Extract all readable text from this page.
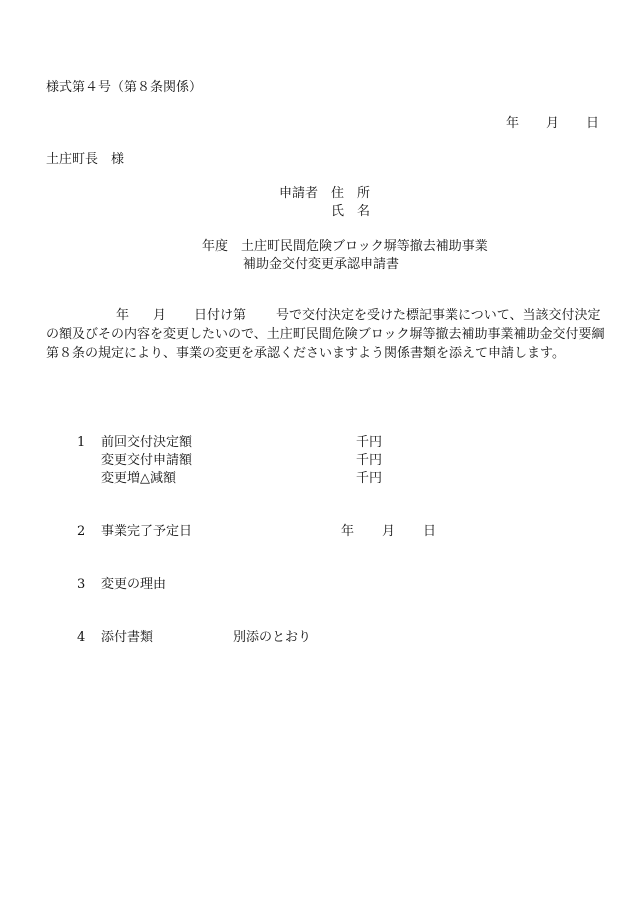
様式第４号（第８条関係）
年 月 日
土庄町長　様
申請者 住　所
氏　名
年度　土庄町民間危険ブロック塀等撤去補助事業
補助金交付変更承認申請書
年 月 日付け第 号で交付決定を受けた標記事業について、当該交付決定の額及びその内容を変更したいので、土庄町民間危険ブロック塀等撤去補助事業補助金交付要綱第８条の規定により、事業の変更を承認くださいますよう関係書類を添えて申請します。
1 前回交付決定額	千円
変更交付申請額	千円
変更増△減額	千円
2 事業完了予定日	年 月 日
3 変更の理由
4 添付書類	別添のとおり
